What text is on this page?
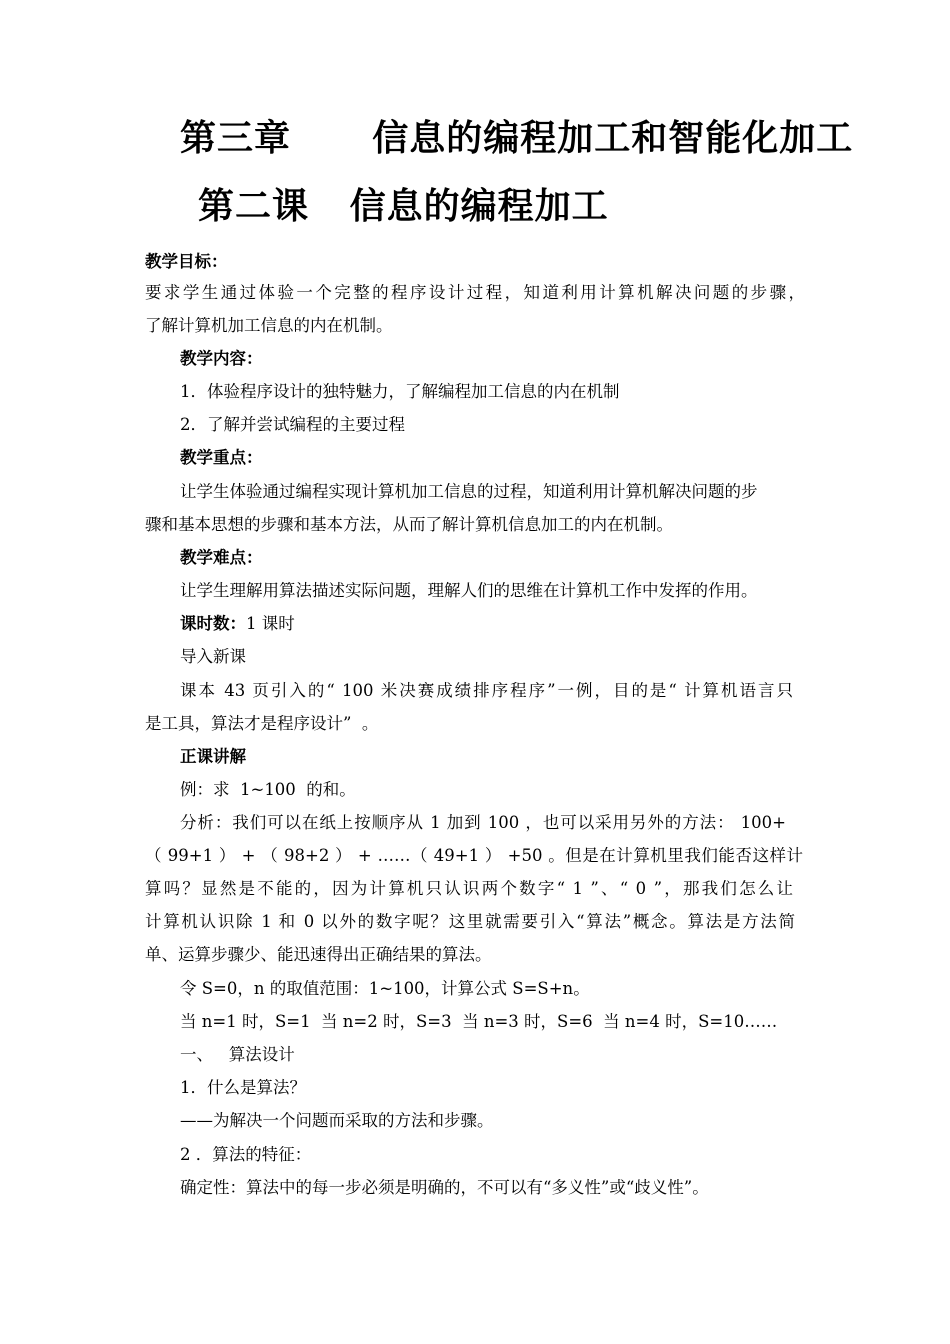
第三章      信息的编程加工和智能化加工
第二课   信息的编程加工
教学目标：
要求学生通过体验一个完整的程序设计过程，知道利用计算机解决问题的步骤，
了解计算机加工信息的内在机制。
教学内容：
1．体验程序设计的独特魅力，了解编程加工信息的内在机制
2．了解并尝试编程的主要过程
教学重点：
让学生体验通过编程实现计算机加工信息的过程，知道利用计算机解决问题的步
骤和基本思想的步骤和基本方法，从而了解计算机信息加工的内在机制。
教学难点：
让学生理解用算法描述实际问题，理解人们的思维在计算机工作中发挥的作用。
课时数：1 课时
导入新课
课本 43 页引入的“ 100 米决赛成绩排序程序”一例，目的是“ 计算机语言只
是工具，算法才是程序设计”  。
正课讲解
例：求  1~100  的和。
分析：我们可以在纸上按顺序从 1 加到 100 ，也可以采用另外的方法： 100+
（ 99+1 ） + （ 98+2 ） + ……（ 49+1 ） +50 。但是在计算机里我们能否这样计
算吗？显然是不能的，因为计算机只认识两个数字“ 1 ”、“ 0 ”，那我们怎么让
计算机认识除 1 和 0 以外的数字呢？这里就需要引入“算法”概念。算法是方法简
单、运算步骤少、能迅速得出正确结果的算法。
令 S=0，n 的取值范围：1~100，计算公式 S=S+n。
当 n=1 时，S=1  当 n=2 时，S=3  当 n=3 时，S=6  当 n=4 时，S=10……
一、   算法设计
1．什么是算法？
——为解决一个问题而采取的方法和步骤。
2 ．算法的特征：
确定性：算法中的每一步必须是明确的，不可以有“多义性”或“歧义性”。
